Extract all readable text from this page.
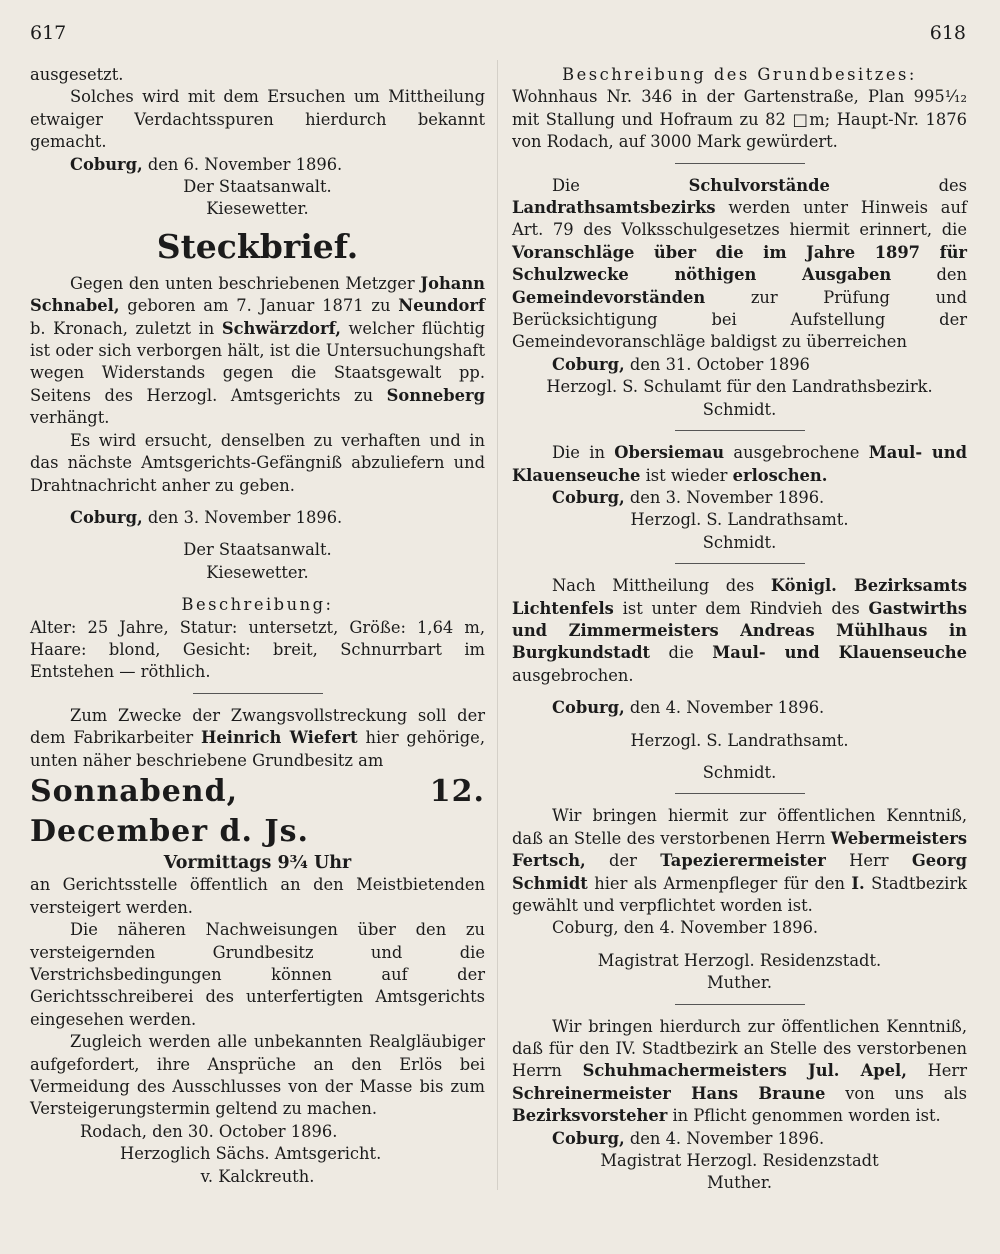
617	618

ausgesetzt.

Solches wird mit dem Ersuchen um Mittheilung etwaiger Verdachtsspuren hierdurch bekannt gemacht.

Coburg, den 6. November 1896.

Der Staatsanwalt.

Kiesewetter.

Steckbrief.

Gegen den unten beschriebenen Metzger Johann Schnabel, geboren am 7. Januar 1871 zu Neundorf b. Kronach, zuletzt in Schwärzdorf, welcher flüchtig ist oder sich verborgen hält, ist die Untersuchungshaft wegen Widerstands gegen die Staatsgewalt pp. Seitens des Herzogl. Amtsgerichts zu Sonneberg verhängt.

Es wird ersucht, denselben zu verhaften und in das nächste Amtsgerichts-Gefängniß abzuliefern und Drahtnachricht anher zu geben.

Coburg, den 3. November 1896.

Der Staatsanwalt.

Kiesewetter.

Beschreibung:

Alter: 25 Jahre, Statur: untersetzt, Größe: 1,64 m, Haare: blond, Gesicht: breit, Schnurrbart im Entstehen — röthlich.

Zum Zwecke der Zwangsvollstreckung soll der dem Fabrikarbeiter Heinrich Wiefert hier gehörige, unten näher beschriebene Grundbesitz am

Sonnabend, 12. December d. Js.

Vormittags 9¾ Uhr

an Gerichtsstelle öffentlich an den Meistbietenden versteigert werden.

Die näheren Nachweisungen über den zu versteigernden Grundbesitz und die Verstrichsbedingungen können auf der Gerichtsschreiberei des unterfertigten Amtsgerichts eingesehen werden.

Zugleich werden alle unbekannten Realgläubiger aufgefordert, ihre Ansprüche an den Erlös bei Vermeidung des Ausschlusses von der Masse bis zum Versteigerungstermin geltend zu machen.

Rodach, den 30. October 1896.

Herzoglich Sächs. Amtsgericht.

v. Kalckreuth.

Beschreibung des Grundbesitzes:

Wohnhaus Nr. 346 in der Gartenstraße, Plan 995¹⁄₁₂ mit Stallung und Hofraum zu 82 □m; Haupt-Nr. 1876 von Rodach, auf 3000 Mark gewürdert.

Die Schulvorstände des Landrathsamtsbezirks werden unter Hinweis auf Art. 79 des Volksschulgesetzes hiermit erinnert, die Voranschläge über die im Jahre 1897 für Schulzwecke nöthigen Ausgaben den Gemeindevorständen zur Prüfung und Berücksichtigung bei Aufstellung der Gemeindevoranschläge baldigst zu überreichen

Coburg, den 31. October 1896

Herzogl. S. Schulamt für den Landrathsbezirk.

Schmidt.

Die in Obersiemau ausgebrochene Maul- und Klauenseuche ist wieder erloschen.

Coburg, den 3. November 1896.

Herzogl. S. Landrathsamt.

Schmidt.

Nach Mittheilung des Königl. Bezirksamts Lichtenfels ist unter dem Rindvieh des Gastwirths und Zimmermeisters Andreas Mühlhaus in Burgkundstadt die Maul- und Klauenseuche ausgebrochen.

Coburg, den 4. November 1896.

Herzogl. S. Landrathsamt.

Schmidt.

Wir bringen hiermit zur öffentlichen Kenntniß, daß an Stelle des verstorbenen Herrn Webermeisters Fertsch, der Tapezierermeister Herr Georg Schmidt hier als Armenpfleger für den I. Stadtbezirk gewählt und verpflichtet worden ist.

Coburg, den 4. November 1896.

Magistrat Herzogl. Residenzstadt.

Muther.

Wir bringen hierdurch zur öffentlichen Kenntniß, daß für den IV. Stadtbezirk an Stelle des verstorbenen Herrn Schuhmachermeisters Jul. Apel, Herr Schreinermeister Hans Braune von uns als Bezirksvorsteher in Pflicht genommen worden ist.

Coburg, den 4. November 1896.

Magistrat Herzogl. Residenzstadt

Muther.
